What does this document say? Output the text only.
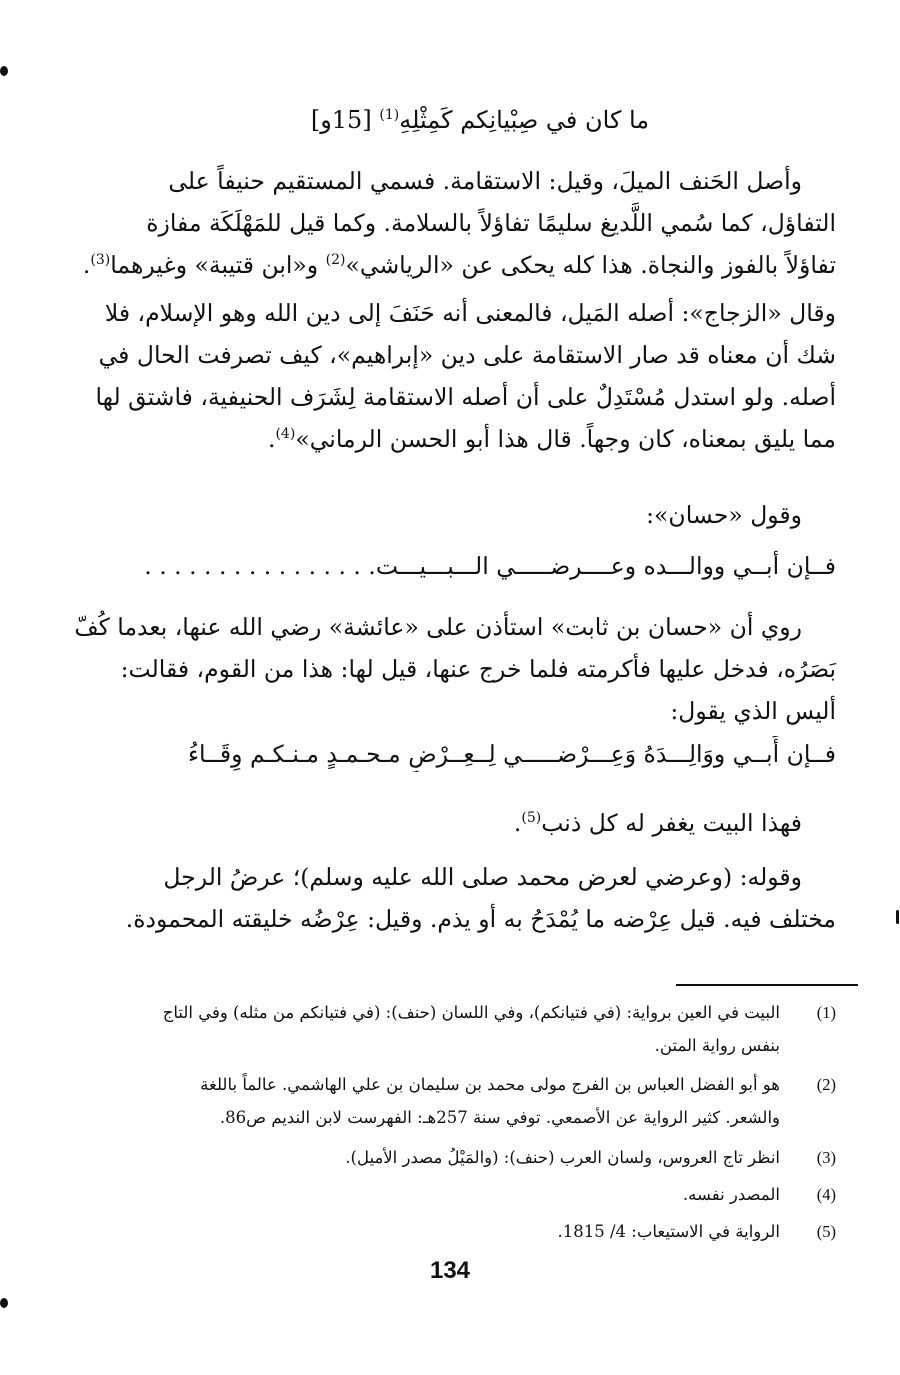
ما كان في صِبْيانِكم كَمِثْلِهِ$^{(1)}$ [15و]

وأصل الحَنف الميلَ، وقيل: الاستقامة. فسمي المستقيم حنيفاً على

التفاؤل، كما سُمي اللَّديغ سليمًا تفاؤلاً بالسلامة. وكما قيل للمَهْلَكَة مفازة

تفاؤلاً بالفوز والنجاة. هذا كله يحكى عن «الرياشي»$^{(2)}$ و«ابن قتيبة» وغيرهما$^{(3)}$.

وقال «الزجاج»: أصله المَيل، فالمعنى أنه حَنَفَ إلى دين الله وهو الإسلام، فلا

شك أن معناه قد صار الاستقامة على دين «إبراهيم»، كيف تصرفت الحال في

أصله. ولو استدل مُسْتَدِلٌ على أن أصله الاستقامة لِشَرَف الحنيفية، فاشتق لها

مما يليق بمعناه، كان وجهاً. قال هذا أبو الحسن الرماني»$^{(4)}$.

وقول «حسان»:

فــإن أبــي ووالـــده وعــــرضـــــي الـــبـــيـــت. . . . . . . . . . . . . . . .

روي أن «حسان بن ثابت» استأذن على «عائشة» رضي الله عنها، بعدما كُفّ

بَصَرُه، فدخل عليها فأكرمته فلما خرج عنها، قيل لها: هذا من القوم، فقالت:

أليس الذي يقول:

فــإن أَبــي ووَالِـــدَهُ وَعِـــرْضـــــي لِــعِــرْضِ مـحـمـدٍ مـنـكـم وِقَــاءُ

فهذا البيت يغفر له كل ذنب$^{(5)}$.

وقوله: (وعرضي لعرض محمد صلى الله عليه وسلم)؛ عرضُ الرجل

مختلف فيه. قيل عِرْضه ما يُمْدَحُ به أو يذم. وقيل: عِرْضُه خليقته المحمودة.

(1)
البيت في العين برواية: (في فتيانكم)، وفي اللسان (حنف): (في فتيانكم من مثله) وفي التاج
بنفس رواية المتن.
(2)
هو أبو الفضل العباس بن الفرج مولى محمد بن سليمان بن علي الهاشمي. عالماً باللغة
والشعر. كثير الرواية عن الأصمعي. توفي سنة 257هـ: الفهرست لابن النديم ص86.
(3)
انظر تاج العروس، ولسان العرب (حنف): (والمَيْلُ مصدر الأميل).
(4)
المصدر نفسه.
(5)
الرواية في الاستيعاب: 4/ 1815.
134
